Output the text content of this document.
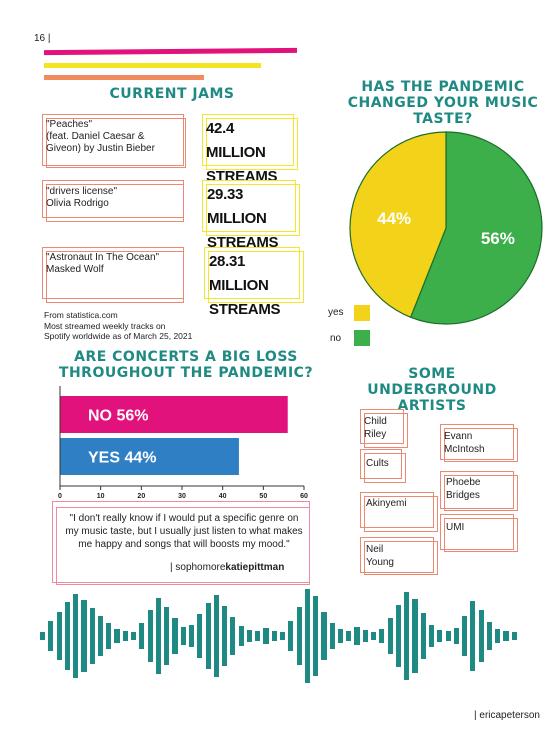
16 |
CURRENT JAMS
"Peaches"
(feat. Daniel Caesar &
Giveon) by Justin Bieber
42.4 MILLION
STREAMS
"drivers license"
Olivia Rodrigo
29.33 MILLION
STREAMS
"Astronaut In The Ocean"
Masked Wolf	28.31 MILLION
STREAMS
From statistica.com
Most streamed weekly tracks on
Spotify worldwide as of March 25, 2021
HAS THE PANDEMIC
CHANGED YOUR MUSIC
TASTE?
56%
44%
yes
no
ARE CONCERTS A BIG LOSS
THROUGHOUT THE PANDEMIC?
NO 56%
YES 44%
0	10	20	30	40	50	60
"I don't really know if I would put a specific genre on my music taste, but I usually just listen to what makes me happy and songs that will boosts my mood."
| sophomorekatiepittman
SOME UNDERGROUND
ARTISTS
Child
Riley
Cults
Akinyemi
Neil
Young
Evann
McIntosh
Phoebe
Bridges
UMI
| ericapeterson
